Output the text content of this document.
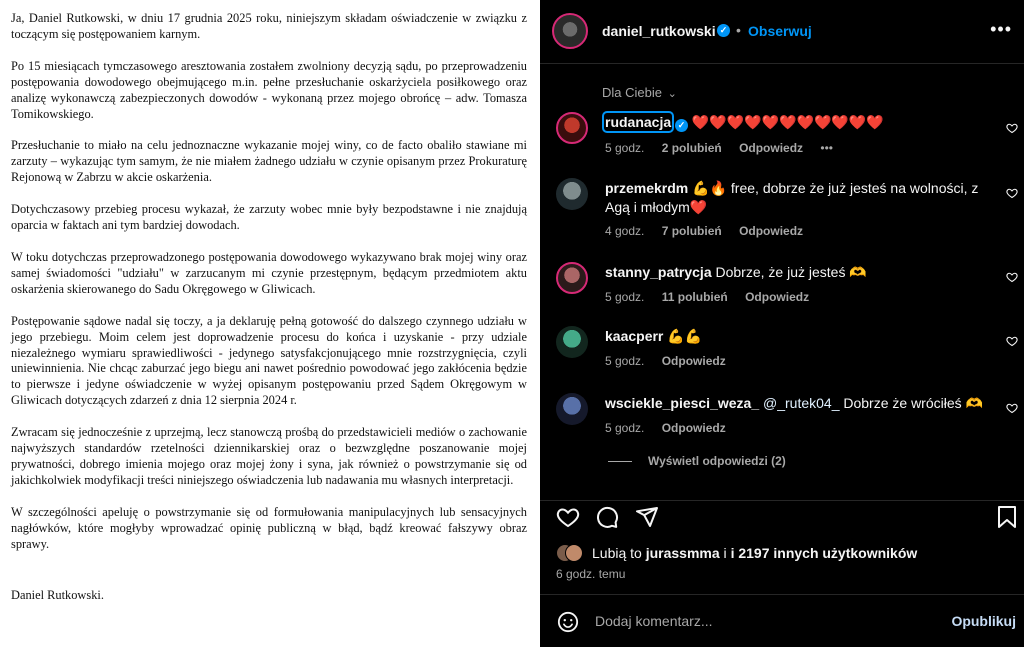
Ja, Daniel Rutkowski, w dniu 17 grudnia 2025 roku, niniejszym składam oświadczenie w związku z toczącym się postępowaniem karnym.

Po 15 miesiącach tymczasowego aresztowania zostałem zwolniony decyzją sądu, po przeprowadzeniu postępowania dowodowego obejmującego m.in. pełne przesłuchanie oskarżyciela posiłkowego oraz analizę wykonawczą zabezpieczonych dowodów - wykonaną przez mojego obrońcę – adw. Tomasza Tomikowskiego.

Przesłuchanie to miało na celu jednoznaczne wykazanie mojej winy, co de facto obaliło stawiane mi zarzuty – wykazując tym samym, że nie miałem żadnego udziału w czynie opisanym przez Prokuraturę Rejonową w Zabrzu w akcie oskarżenia.

Dotychczasowy przebieg procesu wykazał, że zarzuty wobec mnie były bezpodstawne i nie znajdują oparcia w faktach ani tym bardziej dowodach.

W toku dotychczas przeprowadzonego postępowania dowodowego wykazywano brak mojej winy oraz samej świadomości "udziału" w zarzucanym mi czynie przestępnym, będącym przedmiotem aktu oskarżenia skierowanego do Sadu Okręgowego w Gliwicach.

Postępowanie sądowe nadal się toczy, a ja deklaruję pełną gotowość do dalszego czynnego udziału w jego przebiegu. Moim celem jest doprowadzenie procesu do końca i uzyskanie - przy udziale niezależnego wymiaru sprawiedliwości - jedynego satysfakcjonującego mnie rozstrzygnięcia, czyli uniewinnienia. Nie chcąc zaburzać jego biegu ani nawet pośrednio powodować jego zakłócenia będzie to pierwsze i jedyne oświadczenie w wyżej opisanym postępowaniu przed Sądem Okręgowym w Gliwicach dotyczących zdarzeń z dnia 12 sierpnia 2024 r.

Zwracam się jednocześnie z uprzejmą, lecz stanowczą prośbą do przedstawicieli mediów o zachowanie najwyższych standardów rzetelności dziennikarskiej oraz o bezwzględne poszanowanie mojej prywatności, dobrego imienia mojego oraz mojej żony i syna, jak również o powstrzymanie się od jakichkolwiek modyfikacji treści niniejszego oświadczenia lub nadawania mu własnych interpretacji.

W szczególności apeluję o powstrzymanie się od formułowania manipulacyjnych lub sensacyjnych nagłówków, które mogłyby wprowadzać opinię publiczną w błąd, bądź kreować fałszywy obraz sprawy.

Daniel Rutkowski.

daniel_rutkowski ✓ • Obserwuj	•••
Dla Ciebie ⌄
rudanacja ✓ ❤️❤️❤️❤️❤️❤️❤️❤️❤️❤️❤️
5 godz. 2 polubień Odpowiedz •••
przemekrdm 💪🔥 free, dobrze że już jesteś na wolności, z Agą i młodym❤️
4 godz. 7 polubień Odpowiedz
stanny_patrycja Dobrze, że już jesteś 🫶
5 godz. 11 polubień Odpowiedz
kaacperr 💪💪
5 godz. Odpowiedz
wsciekle_piesci_weza_ @_rutek04_ Dobrze że wróciłeś 🫶
5 godz. Odpowiedz
Wyświetl odpowiedzi (2)
Lubią to jurassmma i i 2197 innych użytkowników
6 godz. temu
Dodaj komentarz...	Opublikuj
